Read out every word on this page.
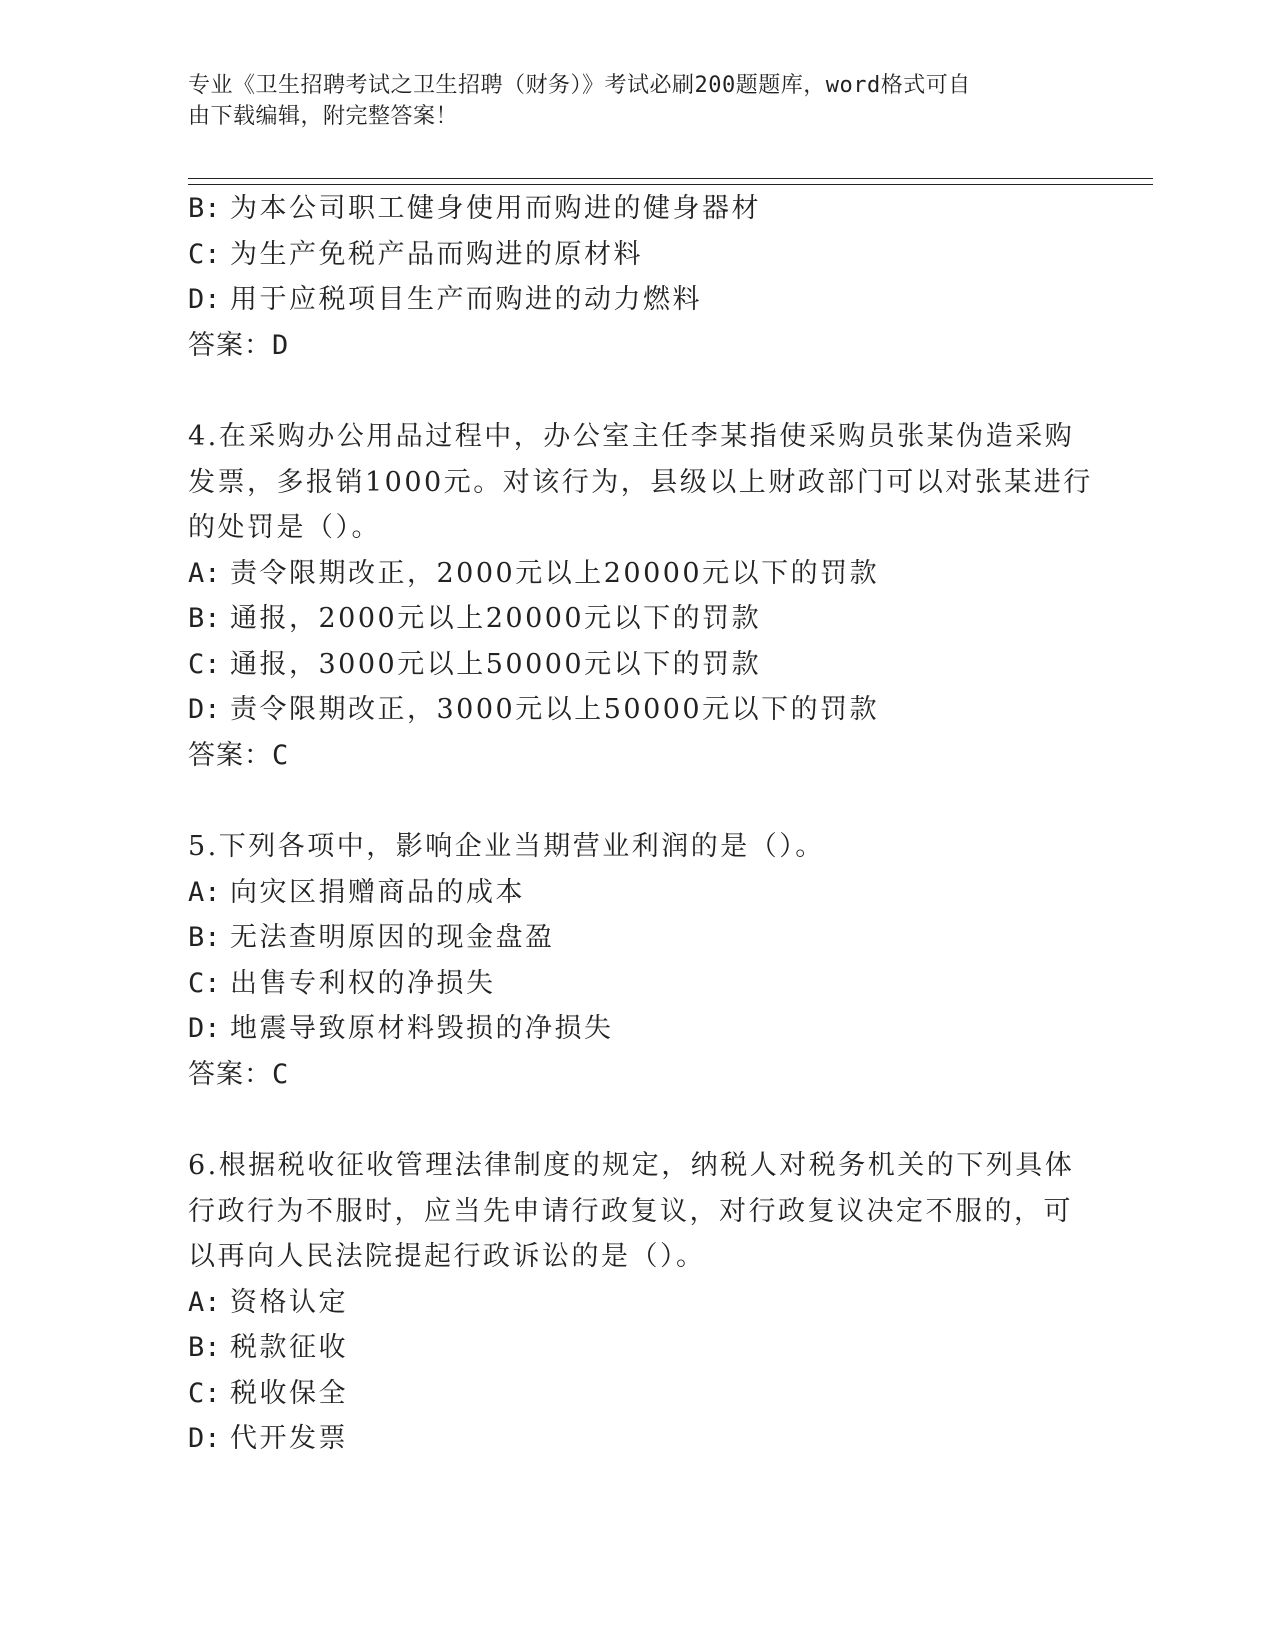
专业《卫生招聘考试之卫生招聘（财务）》考试必刷200题题库，word格式可自
由下载编辑，附完整答案！
B: 为本公司职工健身使用而购进的健身器材
C: 为生产免税产品而购进的原材料
D: 用于应税项目生产而购进的动力燃料
答案：D
4.在采购办公用品过程中，办公室主任李某指使采购员张某伪造采购
发票，多报销1000元。对该行为，县级以上财政部门可以对张某进行
的处罚是（）。
A: 责令限期改正，2000元以上20000元以下的罚款
B: 通报，2000元以上20000元以下的罚款
C: 通报，3000元以上50000元以下的罚款
D: 责令限期改正，3000元以上50000元以下的罚款
答案：C
5.下列各项中，影响企业当期营业利润的是（）。
A: 向灾区捐赠商品的成本
B: 无法查明原因的现金盘盈
C: 出售专利权的净损失
D: 地震导致原材料毁损的净损失
答案：C
6.根据税收征收管理法律制度的规定，纳税人对税务机关的下列具体
行政行为不服时，应当先申请行政复议，对行政复议决定不服的，可
以再向人民法院提起行政诉讼的是（）。
A: 资格认定
B: 税款征收
C: 税收保全
D: 代开发票
